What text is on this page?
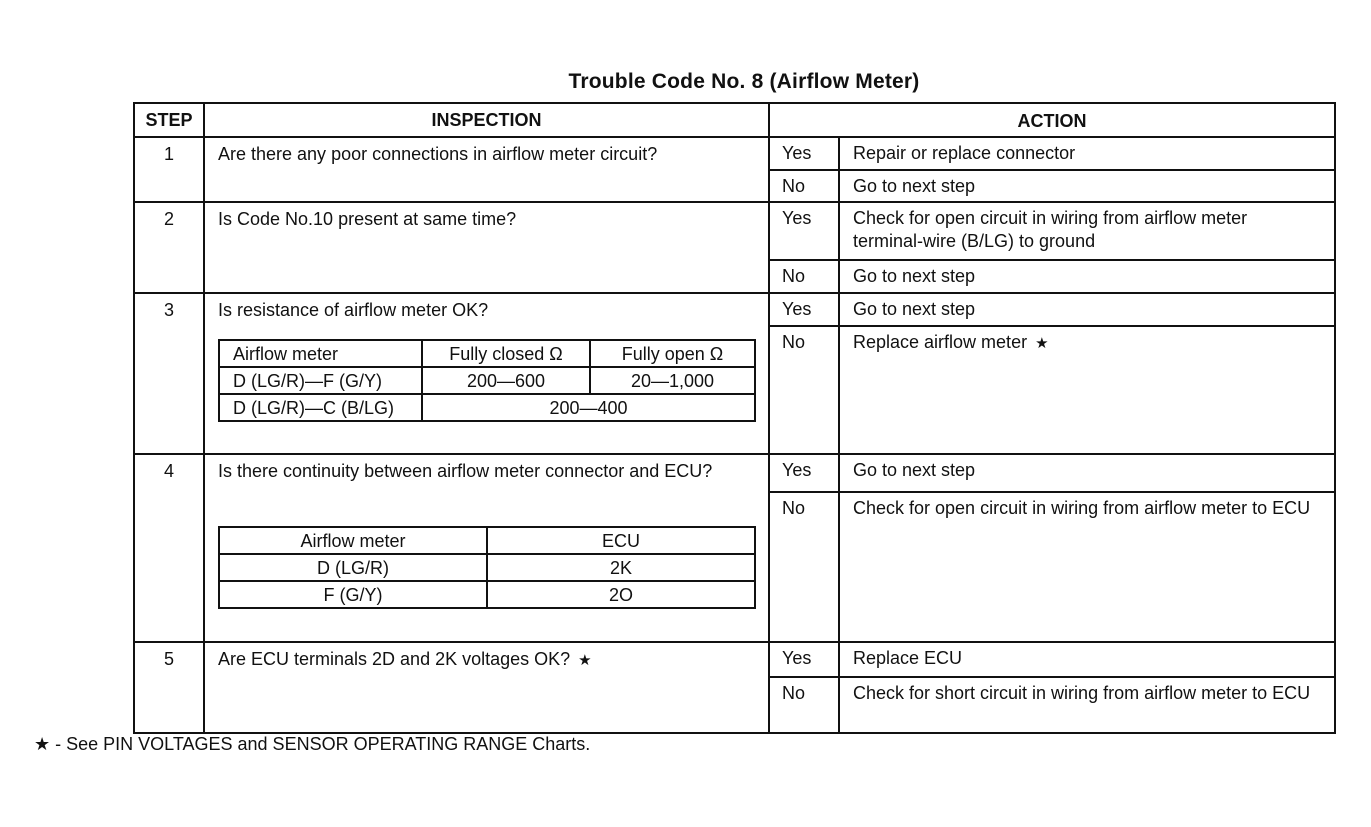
Trouble Code No. 8 (Airflow Meter)
STEP	INSPECTION	ACTION
1	Are there any poor connections in airflow meter circuit?	Yes	Repair or replace connector
No	Go to next step
2	Is Code No.10 present at same time?	Yes	Check for open circuit in wiring from airflow meter terminal-wire (B/LG) to ground
No	Go to next step
3	Is resistance of airflow meter OK?
Airflow meter	Fully closed Ω	Fully open Ω
D (LG/R)—F (G/Y)	200—600	20—1,000
D (LG/R)—C (B/LG)	200—400	
Yes	Go to next step
No	Replace airflow meter ★
4	Is there continuity between airflow meter connector and ECU?
Airflow meter	ECU
D (LG/R)	2K
F (G/Y)	2O
Yes	Go to next step
No	Check for open circuit in wiring from airflow meter to ECU
5	Are ECU terminals 2D and 2K voltages OK? ★	Yes	Replace ECU
No	Check for short circuit in wiring from airflow meter to ECU
★ - See PIN VOLTAGES and SENSOR OPERATING RANGE Charts.
